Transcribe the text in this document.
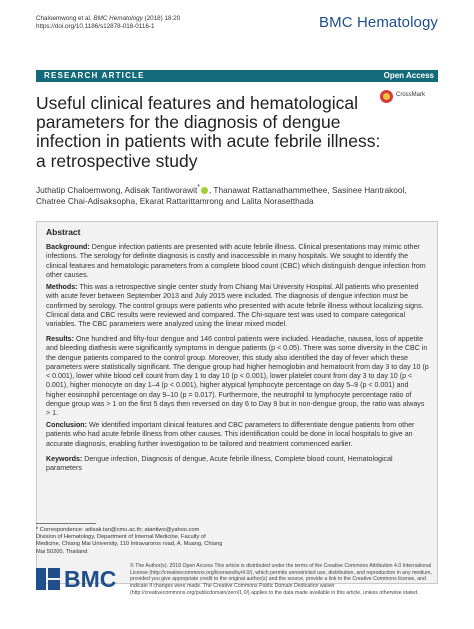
Chaloemwong et al. BMC Hematology (2018) 18:20
https://doi.org/10.1186/s12878-018-0116-1	BMC Hematology
RESEARCH ARTICLE	Open Access
CrossMark
Useful clinical features and hematological parameters for the diagnosis of dengue infection in patients with acute febrile illness: a retrospective study
Juthatip Chaloemwong, Adisak Tantiworawit* , Thanawat Rattanathammethee, Sasinee Hantrakool,
Chatree Chai-Adisaksopha, Ekarat Rattarittamrong and Lalita Norasetthada
Abstract
Background: Dengue infection patients are presented with acute febrile illness. Clinical presentations may mimic other infections. The serology for definite diagnosis is costly and inaccessible in many hospitals. We sought to identify the clinical features and hematologic parameters from a complete blood count (CBC) which distinguish dengue infection from other causes.
Methods: This was a retrospective single center study from Chiang Mai University Hospital. All patients who presented with acute fever between September 2013 and July 2015 were included. The diagnosis of dengue infection must be confirmed by serology. The control groups were patients who presented with acute febrile illness without localizing signs. Clinical data and CBC results were reviewed and compared. The Chi-square test was used to compare categorical variables. The CBC parameters were analyzed using the linear mixed model.
Results: One hundred and fifty-four dengue and 146 control patients were included. Headache, nausea, loss of appetite and bleeding diathesis were significantly symptoms in dengue patients (p < 0.05). There was some diversity in the CBC in the dengue patients compared to the control group. Moreover, this study also identified the day of fever which these parameters were statistically significant. The dengue group had higher hemoglobin and hematocrit from day 3 to day 10 (p < 0.001), lower white blood cell count from day 1 to day 10 (p < 0.001), lower platelet count from day 3 to day 10 (p < 0.001), higher monocyte on day 1–4 (p < 0.001), higher atypical lymphocyte percentage on day 5–9 (p < 0.001) and higher eosinophil percentage on day 9–10 (p = 0.017). Furthermore, the neutrophil to lymphocyte percentage ratio of dengue group was > 1 on the first 5 days then reversed on day 6 to Day 9 but in non-dengue group, the ratio was always > 1.
Conclusion: We identified important clinical features and CBC parameters to differentiate dengue patients from other patients who had acute febrile illness from other causes. This identification could be done in local hospitals to give an accurate diagnosis, enabling further investigation to be tailored and treatment commenced earlier.
Keywords: Dengue infection, Diagnosis of dengue, Acute febrile illness, Complete blood count, Hematological parameters
* Correspondence: adisak.tan@cmu.ac.th; atantiwo@yahoo.com
Division of Hematology, Department of Internal Medicine, Faculty of
Medicine, Chiang Mai University, 110 Intravaroros road, A. Muang, Chiang
Mai 50200, Thailand
BMC	© The Author(s). 2018 Open Access This article is distributed under the terms of the Creative Commons Attribution 4.0 International License (http://creativecommons.org/licenses/by/4.0/), which permits unrestricted use, distribution, and reproduction in any medium, provided you give appropriate credit to the original author(s) and the source, provide a link to the Creative Commons license, and indicate if changes were made. The Creative Commons Public Domain Dedication waiver (http://creativecommons.org/publicdomain/zero/1.0/) applies to the data made available in this article, unless otherwise stated.
